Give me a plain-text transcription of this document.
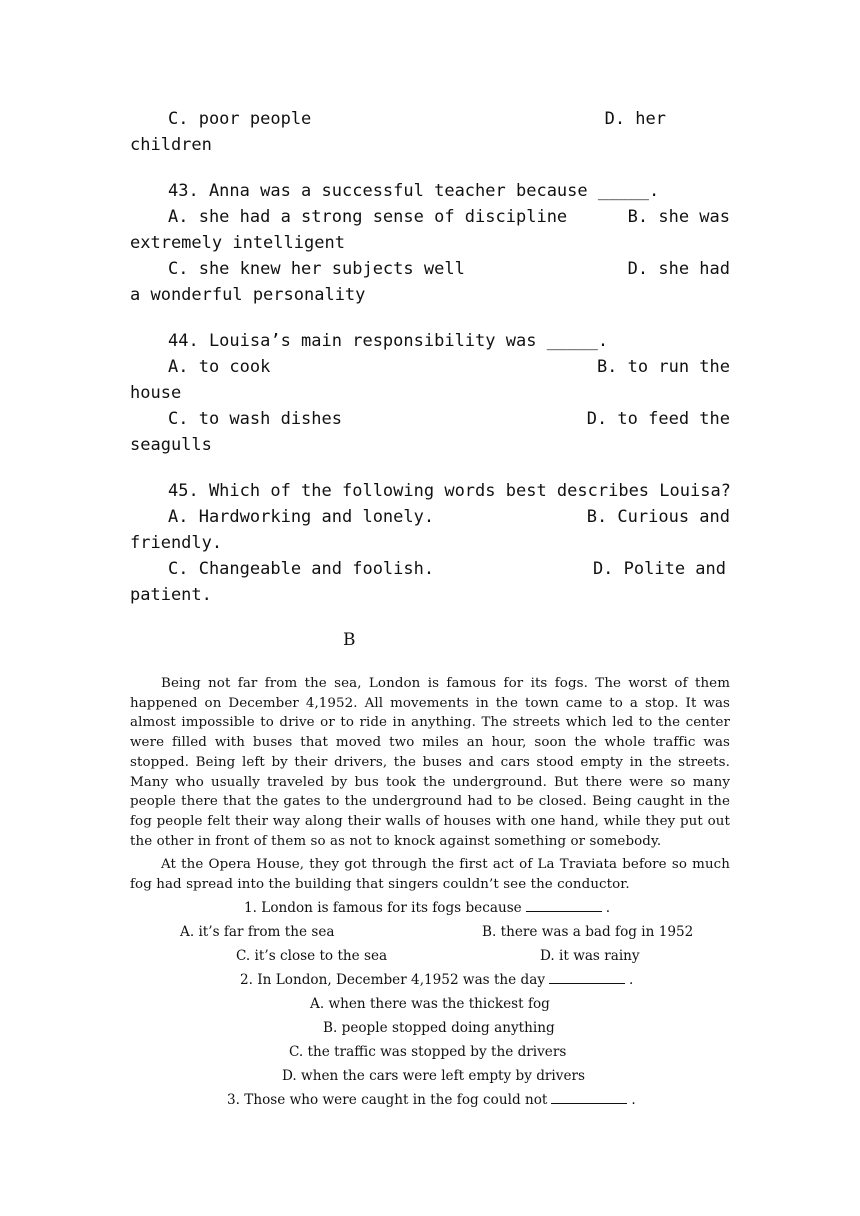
C. poor people	D. her
children
43. Anna was a successful teacher because _____.
A. she had a strong sense of discipline	B. she was
extremely intelligent
C. she knew her subjects well	D. she had
a wonderful personality
44. Louisa’s main responsibility was _____.
A. to cook	B. to run the
house
C. to wash dishes	D. to feed the
seagulls
45. Which of the following words best describes Louisa?
A. Hardworking and lonely.	B. Curious and
friendly.
C. Changeable and foolish.	D. Polite and
patient.
B

Being not far from the sea, London is famous for its fogs. The worst of them happened on December 4,1952. All movements in the town came to a stop. It was almost impossible to drive or to ride in anything. The streets which led to the center were filled with buses that moved two miles an hour, soon the whole traffic was stopped. Being left by their drivers, the buses and cars stood empty in the streets. Many who usually traveled by bus took the underground. But there were so many people there that the gates to the underground had to be closed. Being caught in the fog people felt their way along their walls of houses with one hand, while they put out the other in front of them so as not to knock against something or somebody.

At the Opera House, they got through the first act of La Traviata before so much fog had spread into the building that singers couldn’t see the conductor.

1. London is famous for its fogs because	.
A. it’s far from the sea	B. there was a bad fog in 1952
C. it’s close to the sea	D. it was rainy
2. In London, December 4,1952 was the day	.
A. when there was the thickest fog
B. people stopped doing anything
C. the traffic was stopped by the drivers
D. when the cars were left empty by drivers
3. Those who were caught in the fog could not	.
